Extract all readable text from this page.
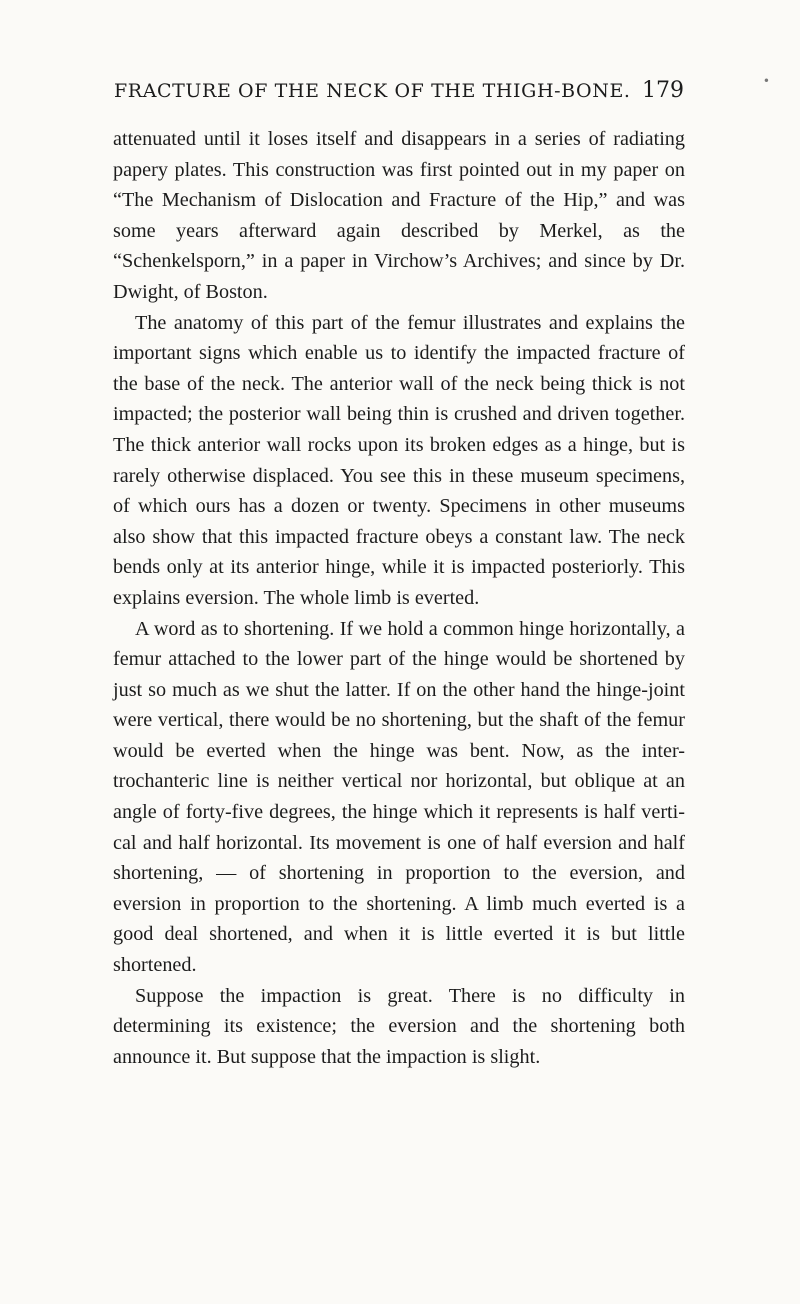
•
FRACTURE OF THE NECK OF THE THIGH-BONE. 179

attenuated until it loses itself and disappears in a series of radiating papery plates. This construction was first pointed out in my paper on “The Mechanism of Dislocation and Fracture of the Hip,” and was some years afterward again described by Merkel, as the “Schenkelsporn,” in a paper in Virchow’s Archives; and since by Dr. Dwight, of Boston.

The anatomy of this part of the femur illustrates and explains the important signs which enable us to identify the impacted fracture of the base of the neck. The anterior wall of the neck being thick is not impacted; the posterior wall being thin is crushed and driven together. The thick anterior wall rocks upon its broken edges as a hinge, but is rarely otherwise displaced. You see this in these museum specimens, of which ours has a dozen or twenty. Specimens in other museums also show that this impacted fracture obeys a constant law. The neck bends only at its anterior hinge, while it is impacted posteriorly. This explains eversion. The whole limb is everted.

A word as to shortening. If we hold a common hinge horizontally, a femur attached to the lower part of the hinge would be shortened by just so much as we shut the latter. If on the other hand the hinge-joint were vertical, there would be no shortening, but the shaft of the femur would be everted when the hinge was bent. Now, as the inter-trochanteric line is neither vertical nor horizontal, but oblique at an angle of forty-five degrees, the hinge which it represents is half vertical and half horizontal. Its movement is one of half eversion and half shortening, — of shortening in proportion to the eversion, and eversion in proportion to the shortening. A limb much everted is a good deal shortened, and when it is little everted it is but little shortened.

Suppose the impaction is great. There is no difficulty in determining its existence; the eversion and the shortening both announce it. But suppose that the impaction is slight.
